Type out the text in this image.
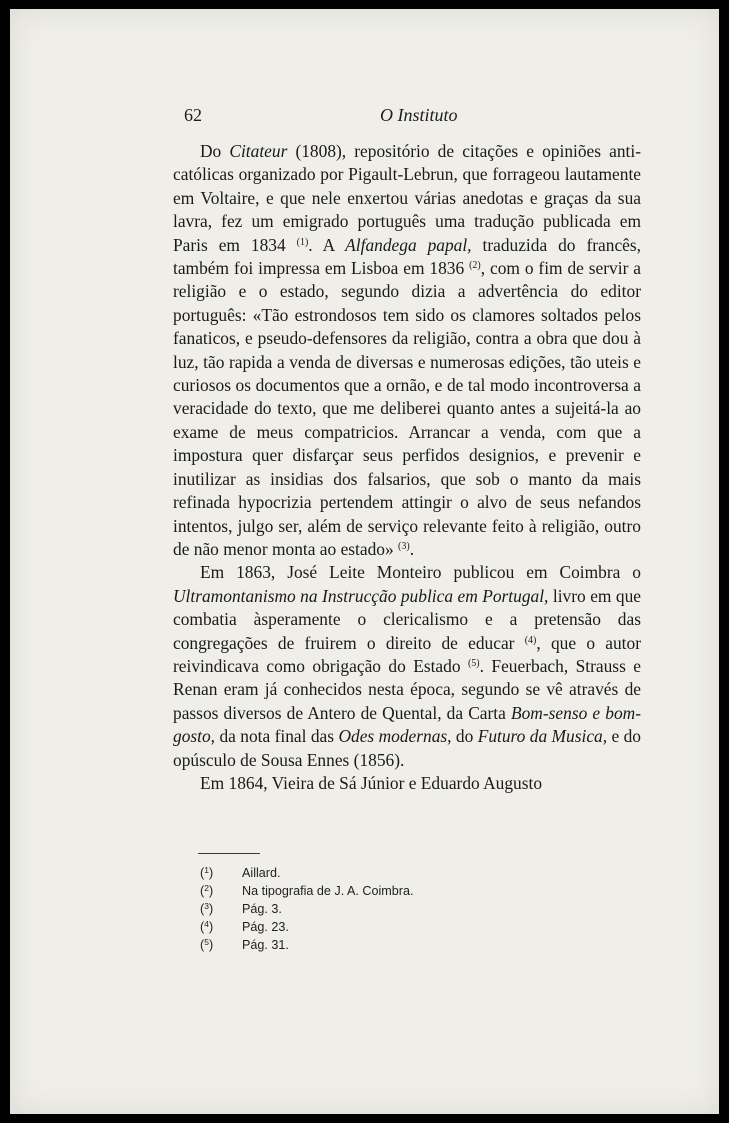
62	O Instituto

Do Citateur (1808), repositório de citações e opiniões anti-católicas organizado por Pigault-Lebrun, que forrageou lautamente em Voltaire, e que nele enxertou várias anedotas e graças da sua lavra, fez um emigrado português uma tradução publicada em Paris em 1834 $^{(1)}$. A Alfandega papal, traduzida do francês, também foi impressa em Lisboa em 1836 $^{(2)}$, com o fim de servir a religião e o estado, segundo dizia a advertência do editor português: «Tão estrondosos tem sido os clamores soltados pelos fanaticos, e pseudo-defensores da religião, contra a obra que dou à luz, tão rapida a venda de diversas e numerosas edições, tão uteis e curiosos os documentos que a ornão, e de tal modo incontroversa a veracidade do texto, que me deliberei quanto antes a sujeitá-la ao exame de meus compatricios. Arrancar a venda, com que a impostura quer disfarçar seus perfidos designios, e prevenir e inutilizar as insidias dos falsarios, que sob o manto da mais refinada hypocrizia pertendem attingir o alvo de seus nefandos intentos, julgo ser, além de serviço relevante feito à religião, outro de não menor monta ao estado» $^{(3)}$.

Em 1863, José Leite Monteiro publicou em Coimbra o Ultramontanismo na Instrucção publica em Portugal, livro em que combatia àsperamente o clericalismo e a pretensão das congregações de fruirem o direito de educar $^{(4)}$, que o autor reivindicava como obrigação do Estado $^{(5)}$. Feuerbach, Strauss e Renan eram já conhecidos nesta época, segundo se vê através de passos diversos de Antero de Quental, da Carta Bom-senso e bom-gosto, da nota final das Odes modernas, do Futuro da Musica, e do opúsculo de Sousa Ennes (1856).

Em 1864, Vieira de Sá Júnior e Eduardo Augusto

($^1$)	Aillard.
($^2$)	Na tipografia de J. A. Coimbra.
($^3$)	Pág. 3.
($^4$)	Pág. 23.
($^5$)	Pág. 31.
